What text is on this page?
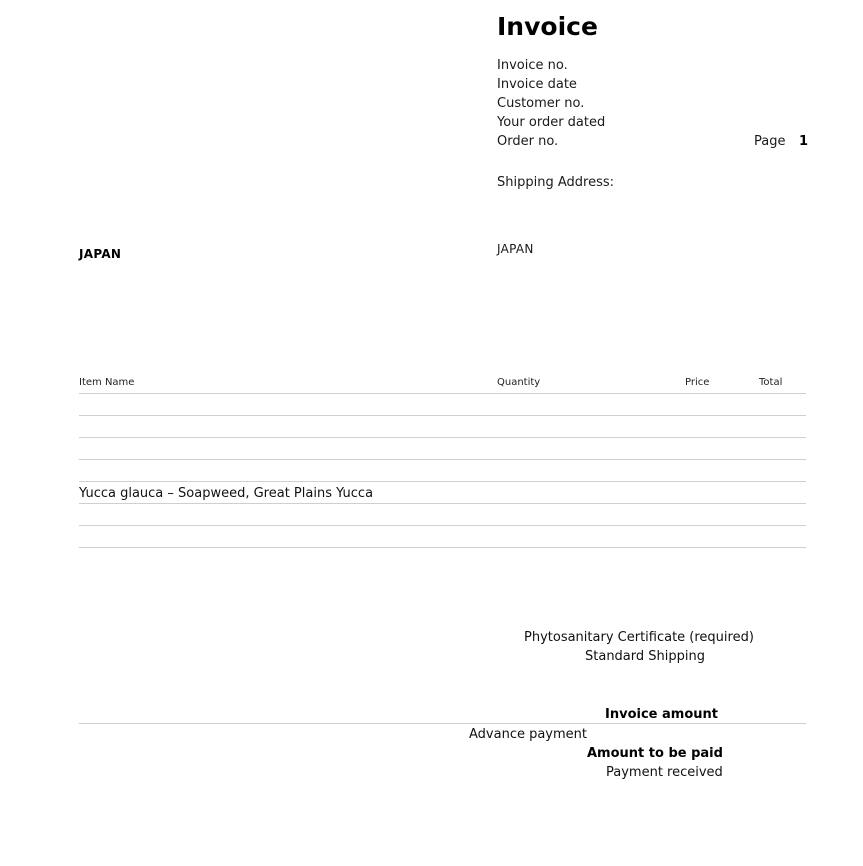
Invoice
Invoice no.
Invoice date
Customer no.
Your order dated
Order no.	Page 1
Shipping Address:
JAPAN	JAPAN
Item Name	Quantity	Price	Total
Yucca glauca – Soapweed, Great Plains Yucca
Phytosanitary Certificate (required)
Standard Shipping
Invoice amount
Advance payment
Amount to be paid
Payment received
